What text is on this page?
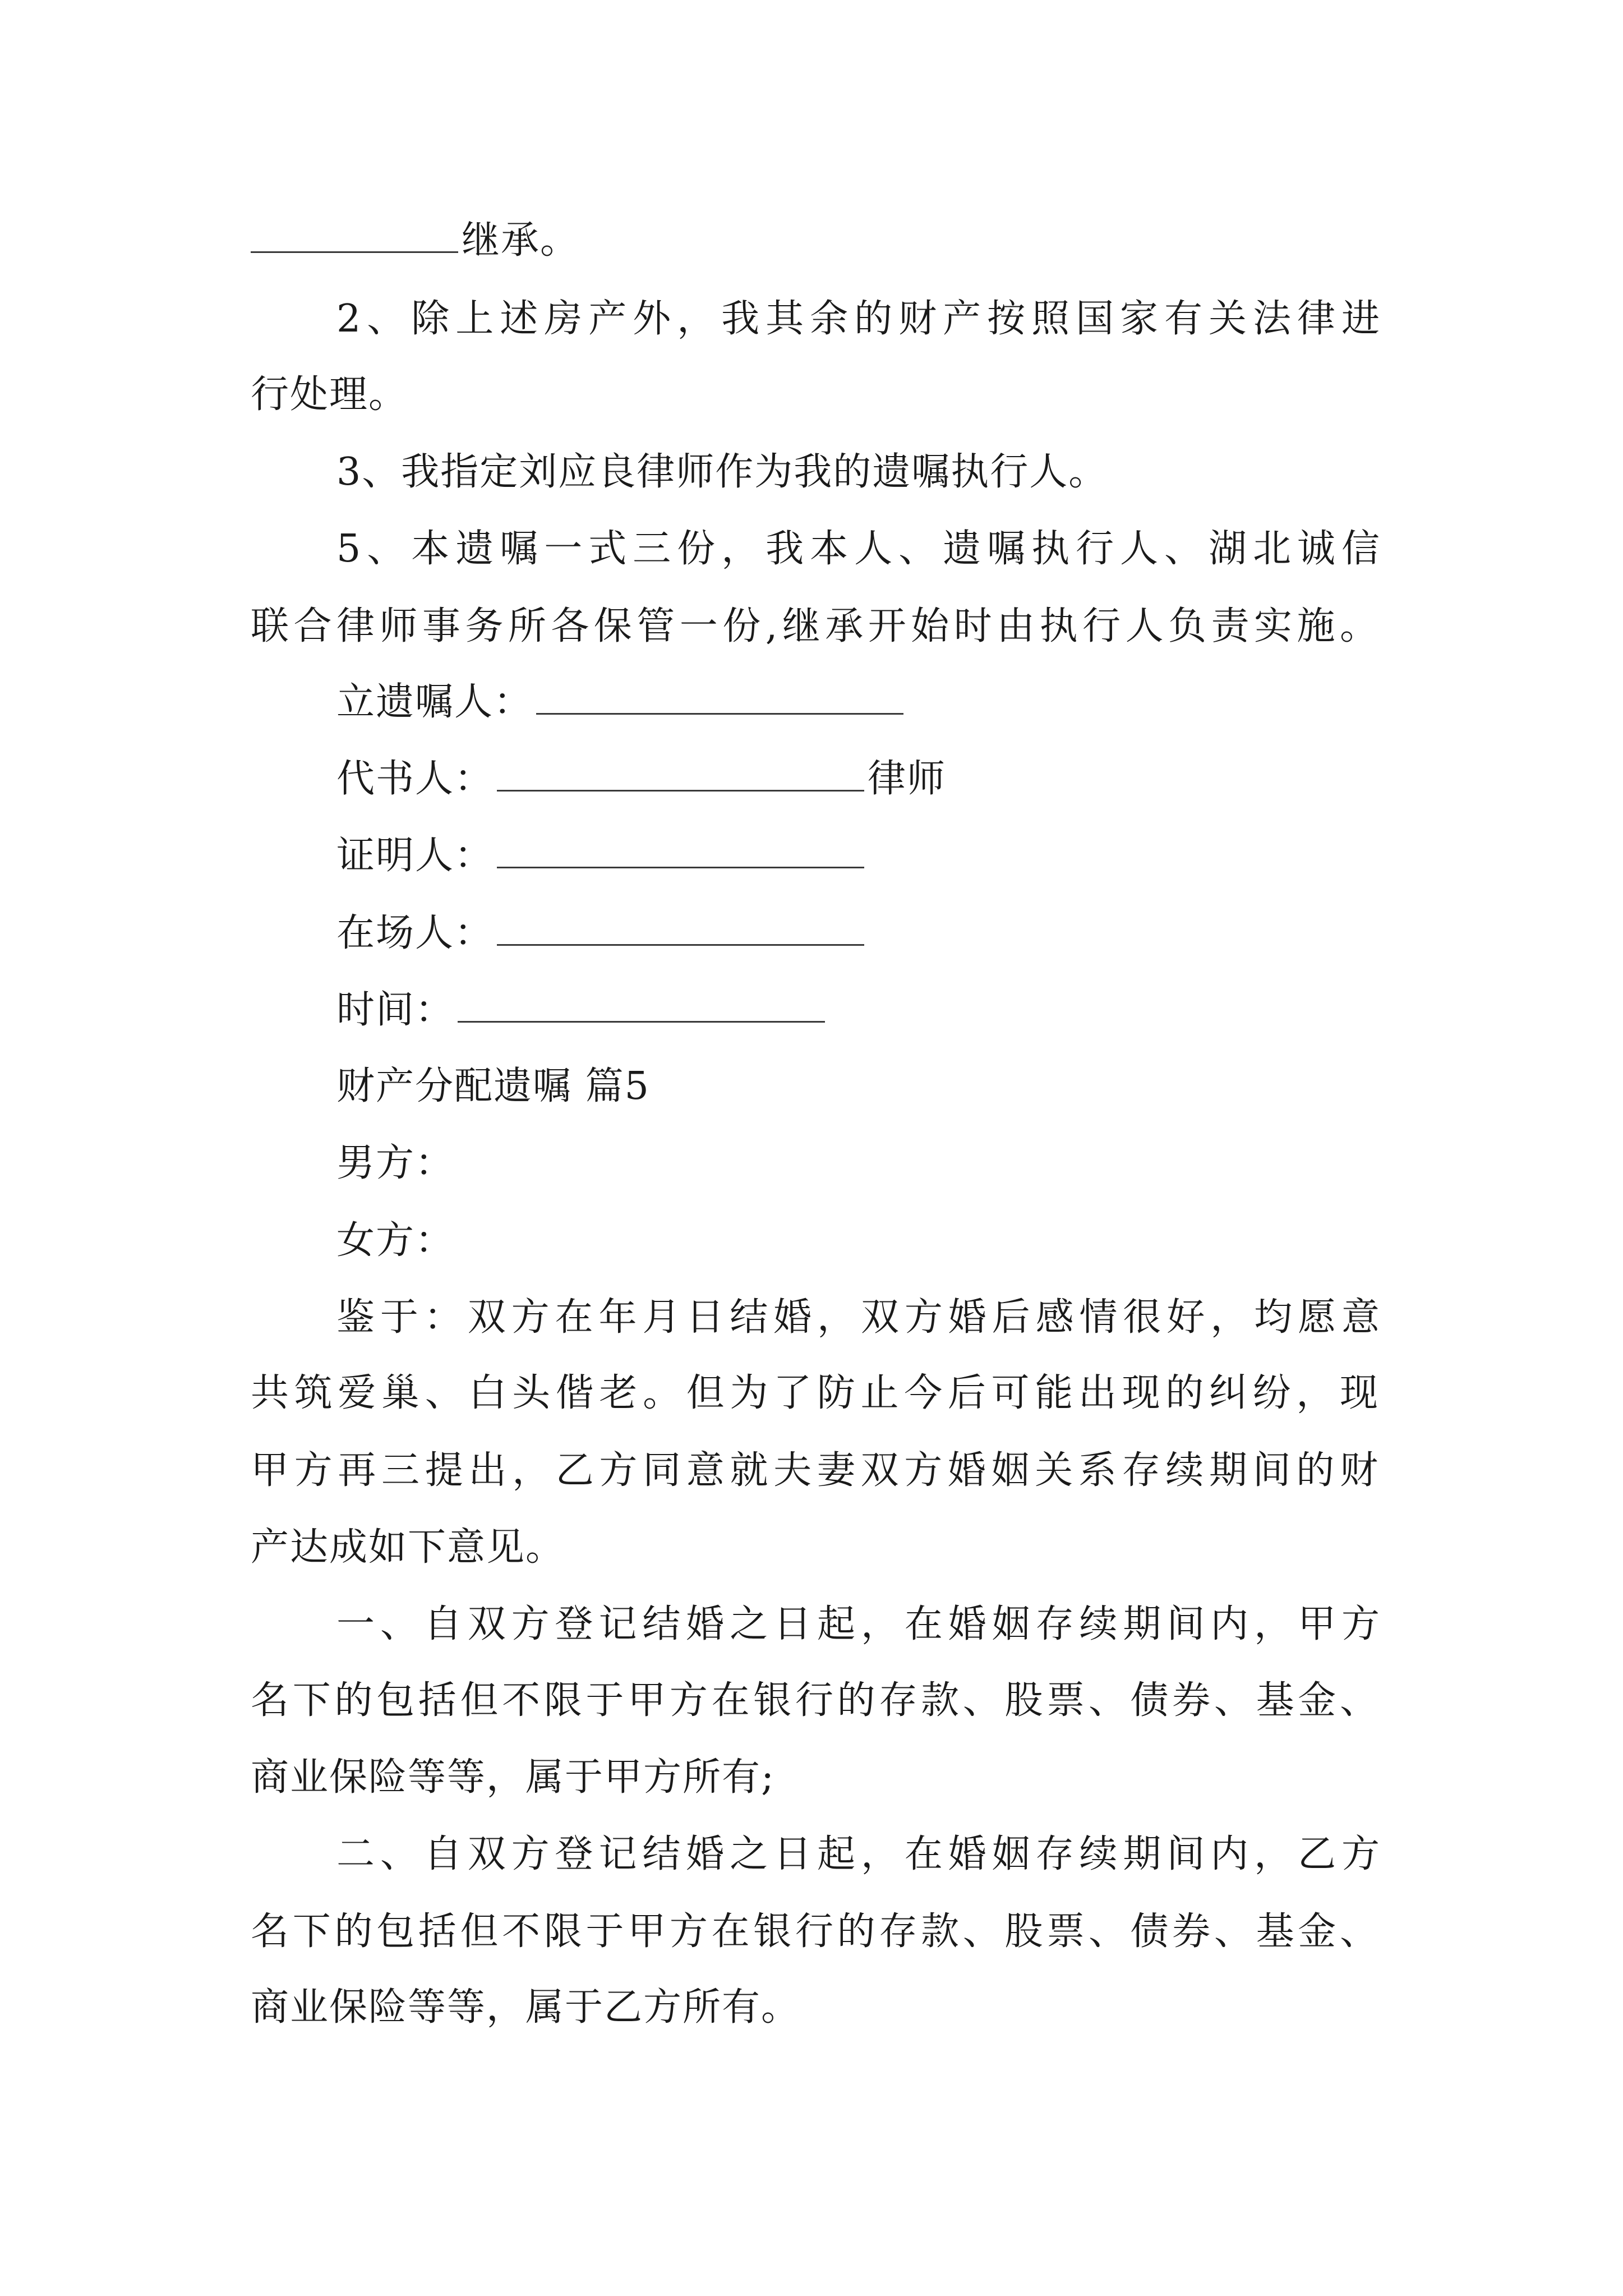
继承。
2、除上述房产外，我其余的财产按照国家有关法律进
行处理。
3、我指定刘应良律师作为我的遗嘱执行人。
5、本遗嘱一式三份，我本人、遗嘱执行人、湖北诚信
联合律师事务所各保管一份,继承开始时由执行人负责实施。
立遗嘱人：
代书人：	律师
证明人：
在场人：
时间：
财产分配遗嘱 篇5
男方：
女方：
鉴于：双方在年月日结婚，双方婚后感情很好，均愿意
共筑爱巢、白头偕老。但为了防止今后可能出现的纠纷，现
甲方再三提出，乙方同意就夫妻双方婚姻关系存续期间的财
产达成如下意见。
一、自双方登记结婚之日起，在婚姻存续期间内，甲方
名下的包括但不限于甲方在银行的存款、股票、债券、基金、
商业保险等等，属于甲方所有;
二、自双方登记结婚之日起，在婚姻存续期间内，乙方
名下的包括但不限于甲方在银行的存款、股票、债券、基金、
商业保险等等，属于乙方所有。
